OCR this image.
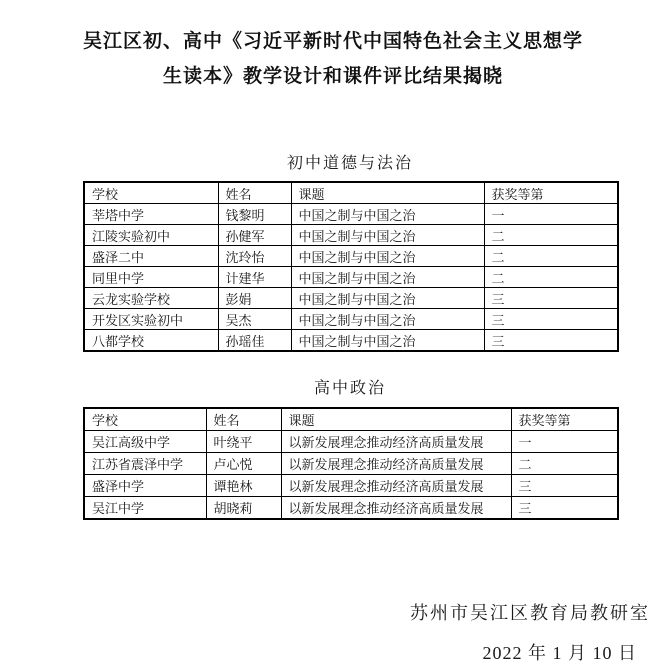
吴江区初、高中《习近平新时代中国特色社会主义思想学
生读本》教学设计和课件评比结果揭晓
初中道德与法治
学校	姓名	课题	获奖等第
莘塔中学	钱黎明	中国之制与中国之治	一
江陵实验初中	孙健军	中国之制与中国之治	二
盛泽二中	沈玲怡	中国之制与中国之治	二
同里中学	计建华	中国之制与中国之治	二
云龙实验学校	彭娟	中国之制与中国之治	三
开发区实验初中	吴杰	中国之制与中国之治	三
八都学校	孙瑶佳	中国之制与中国之治	三
高中政治
学校	姓名	课题	获奖等第
吴江高级中学	叶绕平	以新发展理念推动经济高质量发展	一
江苏省震泽中学	卢心悦	以新发展理念推动经济高质量发展	二
盛泽中学	谭艳林	以新发展理念推动经济高质量发展	三
吴江中学	胡晓莉	以新发展理念推动经济高质量发展	三
苏州市吴江区教育局教研室
2022 年 1 月 10 日
